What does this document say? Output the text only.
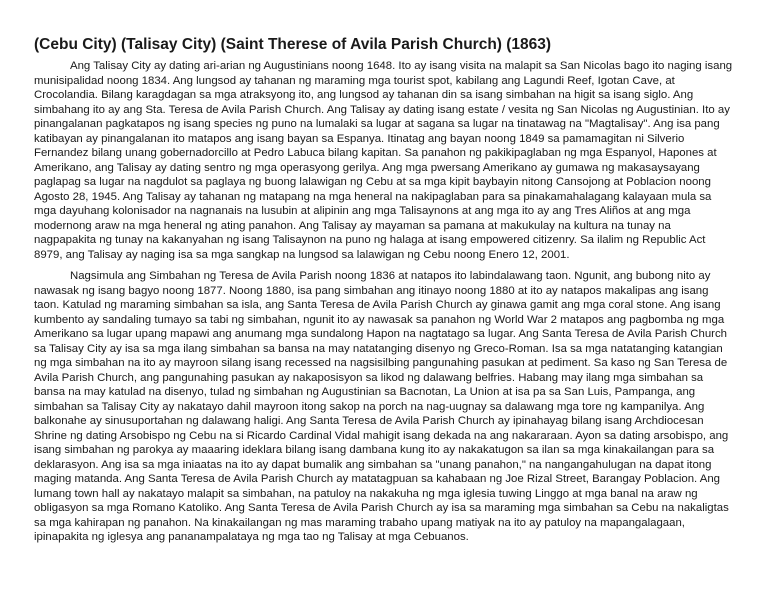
(Cebu City) (Talisay City) (Saint Therese of Avila Parish Church) (1863)

Ang Talisay City ay dating ari-arian ng Augustinians noong 1648. Ito ay isang visita na malapit sa San Nicolas bago ito naging isang munisipalidad noong 1834. Ang lungsod ay tahanan ng maraming mga tourist spot, kabilang ang Lagundi Reef, Igotan Cave, at Crocolandia. Bilang karagdagan sa mga atraksyong ito, ang lungsod ay tahanan din sa isang simbahan na higit sa isang siglo. Ang simbahang ito ay ang Sta. Teresa de Avila Parish Church. Ang Talisay ay dating isang estate / vesita ng San Nicolas ng Augustinian. Ito ay pinangalanan pagkatapos ng isang species ng puno na lumalaki sa lugar at sagana sa lugar na tinatawag na "Magtalisay". Ang isa pang katibayan ay pinangalanan ito matapos ang isang bayan sa Espanya. Itinatag ang bayan noong 1849 sa pamamagitan ni Silverio Fernandez bilang unang gobernadorcillo at Pedro Labuca bilang kapitan. Sa panahon ng pakikipaglaban ng mga Espanyol, Hapones at Amerikano, ang Talisay ay dating sentro ng mga operasyong gerilya. Ang mga pwersang Amerikano ay gumawa ng makasaysayang paglapag sa lugar na nagdulot sa paglaya ng buong lalawigan ng Cebu at sa mga kipit baybayin nitong Cansojong at Poblacion noong Agosto 28, 1945. Ang Talisay ay tahanan ng matapang na mga heneral na nakipaglaban para sa pinakamahalagang kalayaan mula sa mga dayuhang kolonisador na nagnanais na lusubin at alipinin ang mga Talisaynons at ang mga ito ay ang Tres Aliños at ang mga modernong araw na mga heneral ng ating panahon. Ang Talisay ay mayaman sa pamana at makukulay na kultura na tunay na nagpapakita ng tunay na kakanyahan ng isang Talisaynon na puno ng halaga at isang empowered citizenry. Sa ilalim ng Republic Act 8979, ang Talisay ay naging isa sa mga sangkap na lungsod sa lalawigan ng Cebu noong Enero 12, 2001.

Nagsimula ang Simbahan ng Teresa de Avila Parish noong 1836 at natapos ito labindalawang taon. Ngunit, ang bubong nito ay nawasak ng isang bagyo noong 1877. Noong 1880, isa pang simbahan ang itinayo noong 1880 at ito ay natapos makalipas ang isang taon. Katulad ng maraming simbahan sa isla, ang Santa Teresa de Avila Parish Church ay ginawa gamit ang mga coral stone. Ang isang kumbento ay sandaling tumayo sa tabi ng simbahan, ngunit ito ay nawasak sa panahon ng World War 2 matapos ang pagbomba ng mga Amerikano sa lugar upang mapawi ang anumang mga sundalong Hapon na nagtatago sa lugar. Ang Santa Teresa de Avila Parish Church sa Talisay City ay isa sa mga ilang simbahan sa bansa na may natatanging disenyo ng Greco-Roman. Isa sa mga natatanging katangian ng mga simbahan na ito ay mayroon silang isang recessed na nagsisilbing pangunahing pasukan at pediment. Sa kaso ng San Teresa de Avila Parish Church, ang pangunahing pasukan ay nakaposisyon sa likod ng dalawang belfries. Habang may ilang mga simbahan sa bansa na may katulad na disenyo, tulad ng simbahan ng Augustinian sa Bacnotan, La Union at isa pa sa San Luis, Pampanga, ang simbahan sa Talisay City ay nakatayo dahil mayroon itong sakop na porch na nag-uugnay sa dalawang mga tore ng kampanilya. Ang balkonahe ay sinusuportahan ng dalawang haligi. Ang Santa Teresa de Avila Parish Church ay ipinahayag bilang isang Archdiocesan Shrine ng dating Arsobispo ng Cebu na si Ricardo Cardinal Vidal mahigit isang dekada na ang nakararaan. Ayon sa dating arsobispo, ang isang simbahan ng parokya ay maaaring ideklara bilang isang dambana kung ito ay nakakatugon sa ilan sa mga kinakailangan para sa deklarasyon. Ang isa sa mga iniaatas na ito ay dapat bumalik ang simbahan sa "unang panahon," na nangangahulugan na dapat itong maging matanda. Ang Santa Teresa de Avila Parish Church ay matatagpuan sa kahabaan ng Joe Rizal Street, Barangay Poblacion. Ang lumang town hall ay nakatayo malapit sa simbahan, na patuloy na nakakuha ng mga iglesia tuwing Linggo at mga banal na araw ng obligasyon sa mga Romano Katoliko. Ang Santa Teresa de Avila Parish Church ay isa sa maraming mga simbahan sa Cebu na nakaligtas sa mga kahirapan ng panahon. Na kinakailangan ng mas maraming trabaho upang matiyak na ito ay patuloy na mapangalagaan, ipinapakita ng iglesya ang pananampalataya ng mga tao ng Talisay at mga Cebuanos.
